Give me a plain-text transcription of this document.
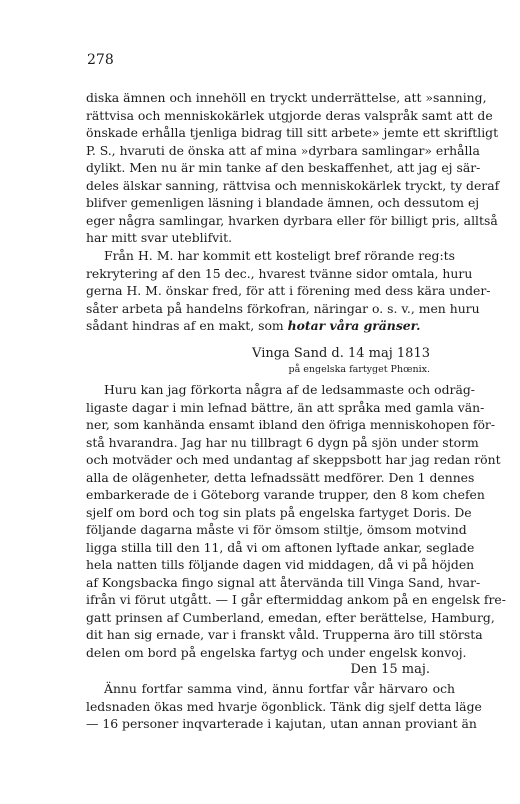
278
diska ämnen och innehöll en tryckt underrättelse, att »sanning,
rättvisa och menniskokärlek utgjorde deras valspråk samt att de
önskade erhålla tjenliga bidrag till sitt arbete» jemte ett skriftligt
P. S., hvaruti de önska att af mina »dyrbara samlingar» erhålla
dylikt. Men nu är min tanke af den beskaffenhet, att jag ej sär-
deles älskar sanning, rättvisa och menniskokärlek tryckt, ty deraf
blifver gemenligen läsning i blandade ämnen, och dessutom ej
eger några samlingar, hvarken dyrbara eller för billigt pris, alltså
har mitt svar uteblifvit.
Från H. M. har kommit ett kosteligt bref rörande reg:ts
rekrytering af den 15 dec., hvarest tvänne sidor omtala, huru
gerna H. M. önskar fred, för att i förening med dess kära under-
såter arbeta på handelns förkofran, näringar o. s. v., men huru
sådant hindras af en makt, som hotar våra gränser.
Vinga Sand d. 14 maj 1813
på engelska fartyget Phœnix.
Huru kan jag förkorta några af de ledsammaste och odräg-
ligaste dagar i min lefnad bättre, än att språka med gamla vän-
ner, som kanhända ensamt ibland den öfriga menniskohopen för-
stå hvarandra. Jag har nu tillbragt 6 dygn på sjön under storm
och motväder och med undantag af skeppsbott har jag redan rönt
alla de olägenheter, detta lefnadssätt medförer. Den 1 dennes
embarkerade de i Göteborg varande trupper, den 8 kom chefen
sjelf om bord och tog sin plats på engelska fartyget Doris. De
följande dagarna måste vi för ömsom stiltje, ömsom motvind
ligga stilla till den 11, då vi om aftonen lyftade ankar, seglade
hela natten tills följande dagen vid middagen, då vi på höjden
af Kongsbacka fingo signal att återvända till Vinga Sand, hvar-
ifrån vi förut utgått. — I går eftermiddag ankom på en engelsk fre-
gatt prinsen af Cumberland, emedan, efter berättelse, Hamburg,
dit han sig ernade, var i franskt våld. Trupperna äro till största
delen om bord på engelska fartyg och under engelsk konvoj.
Den 15 maj.
Ännu fortfar samma vind, ännu fortfar vår härvaro och
ledsnaden ökas med hvarje ögonblick. Tänk dig sjelf detta läge
— 16 personer inqvarterade i kajutan, utan annan proviant än
